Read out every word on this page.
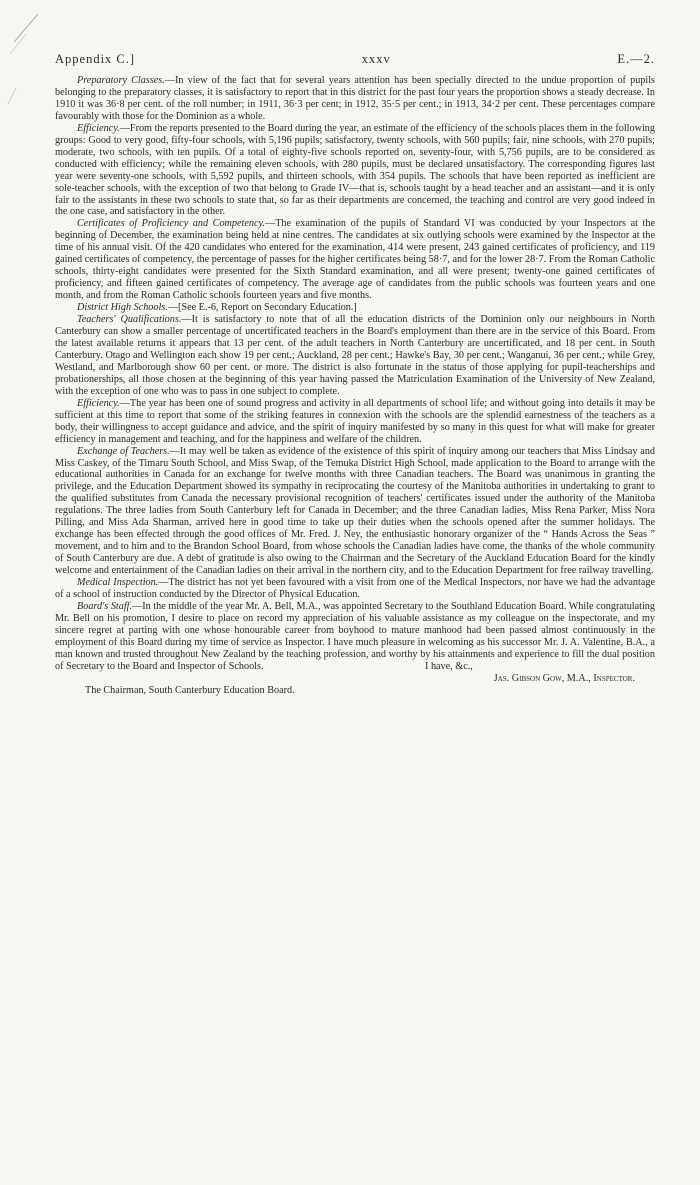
Appendix C.]	xxxv	E.—2.

Preparatory Classes.—In view of the fact that for several years attention has been specially directed to the undue proportion of pupils belonging to the preparatory classes, it is satisfactory to report that in this district for the past four years the proportion shows a steady decrease. In 1910 it was 36·8 per cent. of the roll number; in 1911, 36·3 per cent; in 1912, 35·5 per cent.; in 1913, 34·2 per cent. These percentages compare favourably with those for the Dominion as a whole.

Efficiency.—From the reports presented to the Board during the year, an estimate of the efficiency of the schools places them in the following groups: Good to very good, fifty-four schools, with 5,196 pupils; satisfactory, twenty schools, with 560 pupils; fair, nine schools, with 270 pupils; moderate, two schools, with ten pupils. Of a total of eighty-five schools reported on, seventy-four, with 5,756 pupils, are to be considered as conducted with efficiency; while the remaining eleven schools, with 280 pupils, must be declared unsatisfactory. The corresponding figures last year were seventy-one schools, with 5,592 pupils, and thirteen schools, with 354 pupils. The schools that have been reported as inefficient are sole-teacher schools, with the exception of two that belong to Grade IV—that is, schools taught by a head teacher and an assistant—and it is only fair to the assistants in these two schools to state that, so far as their departments are concerned, the teaching and control are very good indeed in the one case, and satisfactory in the other.

Certificates of Proficiency and Competency.—The examination of the pupils of Standard VI was conducted by your Inspectors at the beginning of December, the examination being held at nine centres. The candidates at six outlying schools were examined by the Inspector at the time of his annual visit. Of the 420 candidates who entered for the examination, 414 were present, 243 gained certificates of proficiency, and 119 gained certificates of competency, the percentage of passes for the higher certificates being 58·7, and for the lower 28·7. From the Roman Catholic schools, thirty-eight candidates were presented for the Sixth Standard examination, and all were present; twenty-one gained certificates of proficiency, and fifteen gained certificates of competency. The average age of candidates from the public schools was fourteen years and one month, and from the Roman Catholic schools fourteen years and five months.

District High Schools.—[See E.-6, Report on Secondary Education.]

Teachers' Qualifications.—It is satisfactory to note that of all the education districts of the Dominion only our neighbours in North Canterbury can show a smaller percentage of uncertificated teachers in the Board's employment than there are in the service of this Board. From the latest available returns it appears that 13 per cent. of the adult teachers in North Canterbury are uncertificated, and 18 per cent. in South Canterbury. Otago and Wellington each show 19 per cent.; Auckland, 28 per cent.; Hawke's Bay, 30 per cent.; Wanganui, 36 per cent.; while Grey, Westland, and Marlborough show 60 per cent. or more. The district is also fortunate in the status of those applying for pupil-teacherships and probationerships, all those chosen at the beginning of this year having passed the Matriculation Examination of the University of New Zealand, with the exception of one who was to pass in one subject to complete.

Efficiency.—The year has been one of sound progress and activity in all departments of school life; and without going into details it may be sufficient at this time to report that some of the striking features in connexion with the schools are the splendid earnestness of the teachers as a body, their willingness to accept guidance and advice, and the spirit of inquiry manifested by so many in this quest for what will make for greater efficiency in management and teaching, and for the happiness and welfare of the children.

Exchange of Teachers.—It may well be taken as evidence of the existence of this spirit of inquiry among our teachers that Miss Lindsay and Miss Caskey, of the Timaru South School, and Miss Swap, of the Temuka District High School, made application to the Board to arrange with the educational authorities in Canada for an exchange for twelve months with three Canadian teachers. The Board was unanimous in granting the privilege, and the Education Department showed its sympathy in reciprocating the courtesy of the Manitoba authorities in undertaking to grant to the qualified substitutes from Canada the necessary provisional recognition of teachers' certificates issued under the authority of the Manitoba regulations. The three ladies from South Canterbury left for Canada in December; and the three Canadian ladies, Miss Rena Parker, Miss Nora Pilling, and Miss Ada Sharman, arrived here in good time to take up their duties when the schools opened after the summer holidays. The exchange has been effected through the good offices of Mr. Fred. J. Ney, the enthusiastic honorary organizer of the “ Hands Across the Seas ” movement, and to him and to the Brandon School Board, from whose schools the Canadian ladies have come, the thanks of the whole community of South Canterbury are due. A debt of gratitude is also owing to the Chairman and the Secretary of the Auckland Education Board for the kindly welcome and entertainment of the Canadian ladies on their arrival in the northern city, and to the Education Department for free railway travelling.

Medical Inspection.—The district has not yet been favoured with a visit from one of the Medical Inspectors, nor have we had the advantage of a school of instruction conducted by the Director of Physical Education.

Board's Staff.—In the middle of the year Mr. A. Bell, M.A., was appointed Secretary to the Southland Education Board. While congratulating Mr. Bell on his promotion, I desire to place on record my appreciation of his valuable assistance as my colleague on the inspectorate, and my sincere regret at parting with one whose honourable career from boyhood to mature manhood had been passed almost continuously in the employment of this Board during my time of service as Inspector. I have much pleasure in welcoming as his successor Mr. J. A. Valentine, B.A., a man known and trusted throughout New Zealand by the teaching profession, and worthy by his attainments and experience to fill the dual position of Secretary to the Board and Inspector of Schools.	I have, &c.,
Jas. Gibson Gow, M.A., Inspector.
The Chairman, South Canterbury Education Board.
